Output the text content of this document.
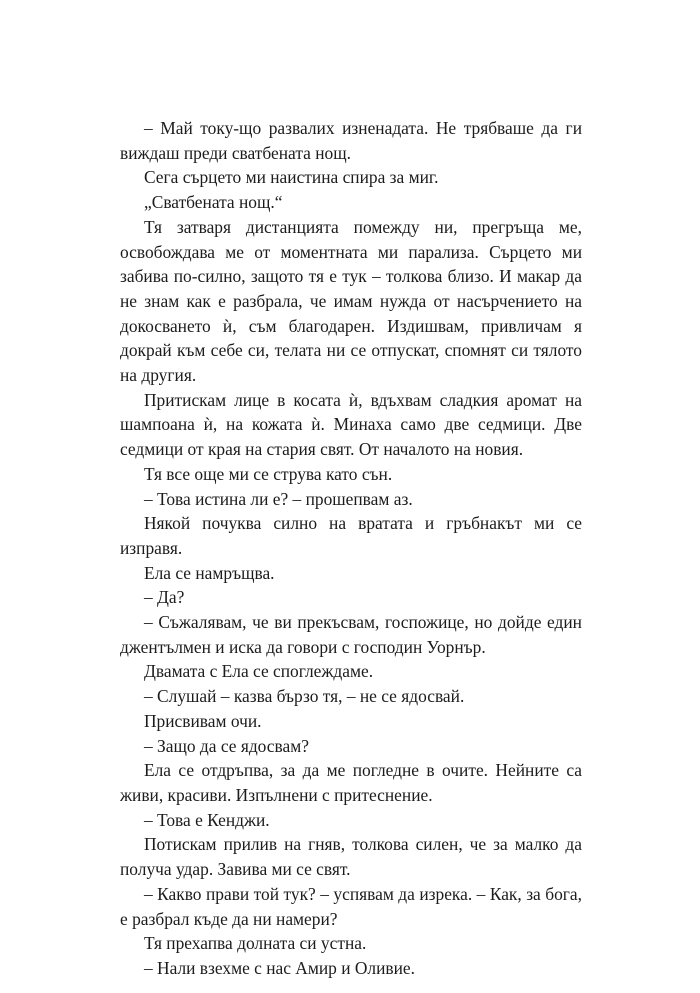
– Май току-що развалих изненадата. Не трябваше да ги виждаш преди сватбената нощ.

Сега сърцето ми наистина спира за миг.

„Сватбената нощ.“

Тя затваря дистанцията помежду ни, прегръща ме, освобождава ме от моментната ми парализа. Сърцето ми забива по-силно, защото тя е тук – толкова близо. И макар да не знам как е разбрала, че имам нужда от насърчението на докосването ѝ, съм благодарен. Издишвам, привличам я докрай към себе си, телата ни се отпускат, спомнят си тялото на другия.

Притискам лице в косата ѝ, вдъхвам сладкия аромат на шампоана ѝ, на кожата ѝ. Минаха само две седмици. Две седмици от края на стария свят. От началото на новия.

Тя все още ми се струва като сън.

– Това истина ли е? – прошепвам аз.

Някой почуква силно на вратата и гръбнакът ми се изправя.

Ела се намръщва.

– Да?

– Съжалявам, че ви прекъсвам, госпожице, но дойде един джентълмен и иска да говори с господин Уорнър.

Двамата с Ела се споглеждаме.

– Слушай – казва бързо тя, – не се ядосвай.

Присвивам очи.

– Защо да се ядосвам?

Ела се отдръпва, за да ме погледне в очите. Нейните са живи, красиви. Изпълнени с притеснение.

– Това е Кенджи.

Потискам прилив на гняв, толкова силен, че за малко да получа удар. Завива ми се свят.

– Какво прави той тук? – успявам да изрека. – Как, за бога, е разбрал къде да ни намери?

Тя прехапва долната си устна.

– Нали взехме с нас Амир и Оливие.
